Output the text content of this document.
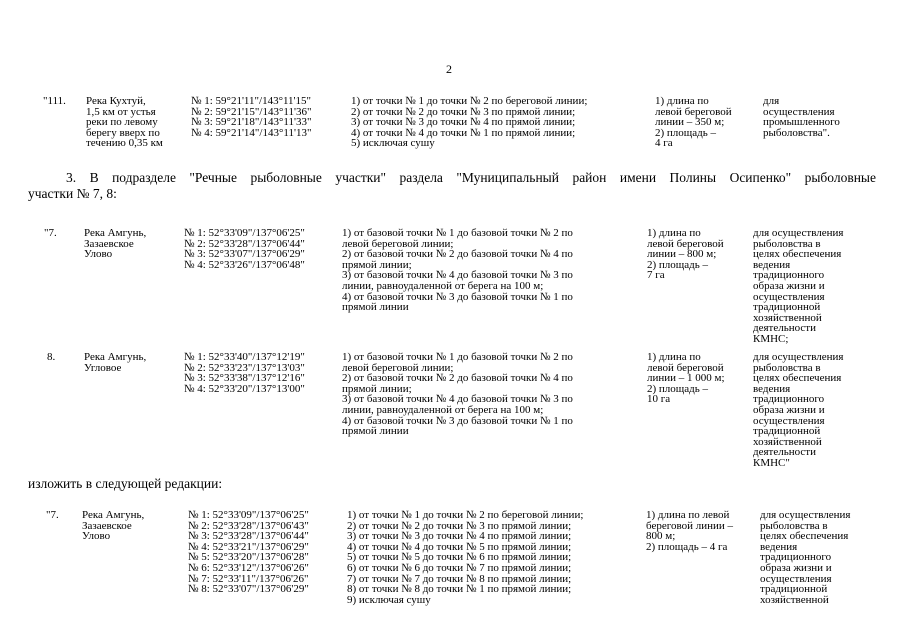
2
"111. Река Кухтуй,
1,5 км от устья
реки по левому
берегу вверх по
течению 0,35 км
№ 1: 59°21'11"/143°11'15"
№ 2: 59°21'15"/143°11'36"
№ 3: 59°21'18"/143°11'33"
№ 4: 59°21'14"/143°11'13"
1) от точки № 1 до точки № 2 по береговой линии;
2) от точки № 2 до точки № 3 по прямой линии;
3) от точки № 3 до точки № 4 по прямой линии;
4) от точки № 4 до точки № 1 по прямой линии;
5) исключая сушу
1) длина по
левой береговой
линии – 350 м;
2) площадь –
4 га
для
осуществления
промышленного
рыболовства".
3. В подразделе "Речные рыболовные участки" раздела "Муниципальный район имени Полины Осипенко" рыболовные
участки № 7, 8:
"7. Река Амгунь,
Зазаевское
Улово
№ 1: 52°33'09"/137°06'25"
№ 2: 52°33'28"/137°06'44"
№ 3: 52°33'07"/137°06'29"
№ 4: 52°33'26"/137°06'48"
1) от базовой точки № 1 до базовой точки № 2 по
левой береговой линии;
2) от базовой точки № 2 до базовой точки № 4 по
прямой линии;
3) от базовой точки № 4 до базовой точки № 3 по
линии, равноудаленной от берега на 100 м;
4) от базовой точки № 3 до базовой точки № 1 по
прямой линии
1) длина по
левой береговой
линии – 800 м;
2) площадь –
7 га
для осуществления
рыболовства в
целях обеспечения
ведения
традиционного
образа жизни и
осуществления
традиционной
хозяйственной
деятельности
КМНС;
8.	Река Амгунь,
Угловое
№ 1: 52°33'40"/137°12'19"
№ 2: 52°33'23"/137°13'03"
№ 3: 52°33'38"/137°12'16"
№ 4: 52°33'20"/137°13'00"
1) от базовой точки № 1 до базовой точки № 2 по
левой береговой линии;
2) от базовой точки № 2 до базовой точки № 4 по
прямой линии;
3) от базовой точки № 4 до базовой точки № 3 по
линии, равноудаленной от берега на 100 м;
4) от базовой точки № 3 до базовой точки № 1 по
прямой линии
1) длина по
левой береговой
линии – 1 000 м;
2) площадь –
10 га
для осуществления
рыболовства в
целях обеспечения
ведения
традиционного
образа жизни и
осуществления
традиционной
хозяйственной
деятельности
КМНС"
изложить в следующей редакции:
"7. Река Амгунь,
Зазаевское
Улово
№ 1: 52°33'09"/137°06'25"
№ 2: 52°33'28"/137°06'43"
№ 3: 52°33'28"/137°06'44"
№ 4: 52°33'21"/137°06'29"
№ 5: 52°33'20"/137°06'28"
№ 6: 52°33'12"/137°06'26"
№ 7: 52°33'11"/137°06'26"
№ 8: 52°33'07"/137°06'29"
1) от точки № 1 до точки № 2 по береговой линии;
2) от точки № 2 до точки № 3 по прямой линии;
3) от точки № 3 до точки № 4 по прямой линии;
4) от точки № 4 до точки № 5 по прямой линии;
5) от точки № 5 до точки № 6 по прямой линии;
6) от точки № 6 до точки № 7 по прямой линии;
7) от точки № 7 до точки № 8 по прямой линии;
8) от точки № 8 до точки № 1 по прямой линии;
9) исключая сушу
1) длина по левой
береговой линии –
800 м;
2) площадь – 4 га
для осуществления
рыболовства в
целях обеспечения
ведения
традиционного
образа жизни и
осуществления
традиционной
хозяйственной
